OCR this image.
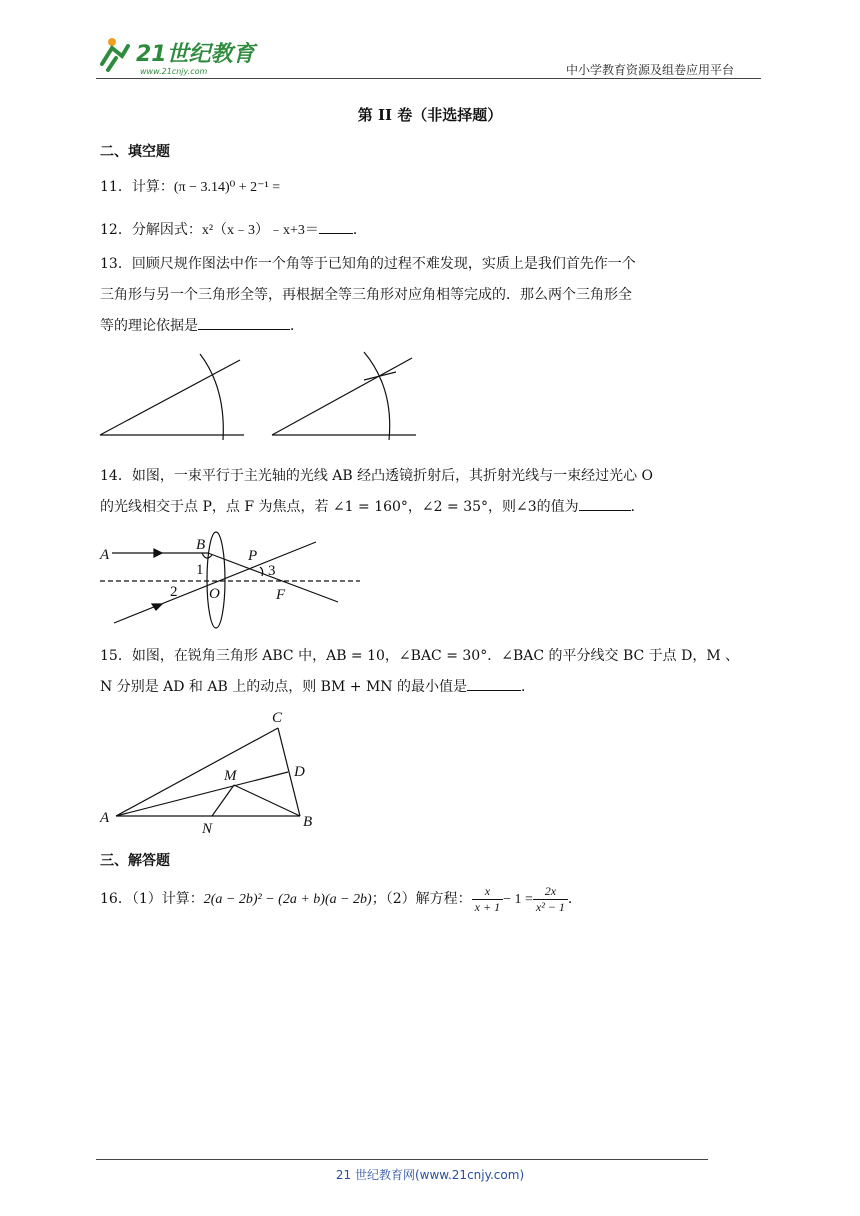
21世纪教育
www.21cnjy.com	中小学教育资源及组卷应用平台
第 II 卷（非选择题）
二、填空题
11．计算：(π − 3.14)⁰ + 2⁻¹ =
12．分解因式：x²（x﹣3）﹣x+3＝ ．
13．回顾尺规作图法中作一个角等于已知角的过程不难发现，实质上是我们首先作一个
三角形与另一个三角形全等，再根据全等三角形对应角相等完成的．那么两个三角形全
等的理论依据是	．
14．如图，一束平行于主光轴的光线 AB 经凸透镜折射后，其折射光线与一束经过光心 O
的光线相交于点 P，点 F 为焦点，若 ∠1 = 160°，∠2 = 35°，则∠3的值为	．
A
B
P
O	F
1
2
3
15．如图，在锐角三角形 ABC 中，AB = 10，∠BAC = 30°．∠BAC 的平分线交 BC 于点 D，M 、
N 分别是 AD 和 AB 上的动点，则 BM + MN 的最小值是	．
A	B
C
D
M
N
三、解答题
16．（1）计算：2(a − 2b)² − (2a + b)(a − 2b)；（2）解方程： $\frac{x}{x + 1} - 1 = \frac{2x}{\text{x² − 1}}$ .
21 世纪教育网(www.21cnjy.com)
